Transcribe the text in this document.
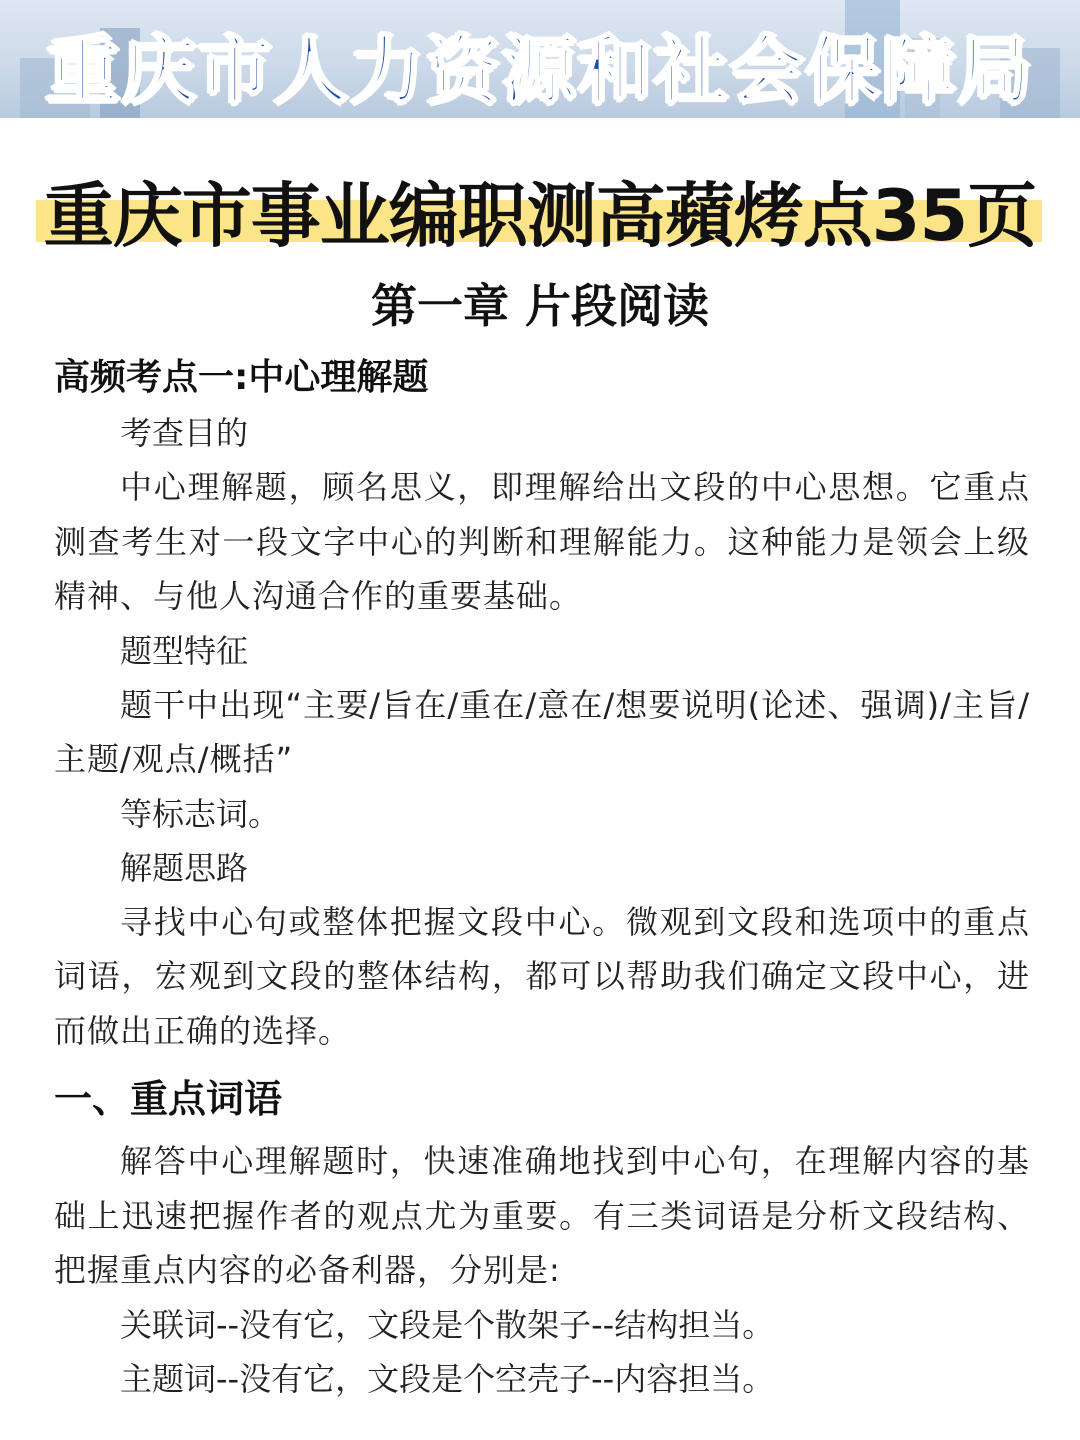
重庆市人力资源和社会保障局
重庆市事业编职测高蘋烤点35页
第一章 片段阅读
高频考点一:中心理解题
考查目的
中心理解题，顾名思义，即理解给出文段的中心思想。它重点测查考生对一段文字中心的判断和理解能力。这种能力是领会上级精神、与他人沟通合作的重要基础。
题型特征
题干中出现“主要/旨在/重在/意在/想要说明(论述、强调)/主旨/主题/观点/概括”
等标志词。
解题思路
寻找中心句或整体把握文段中心。微观到文段和选项中的重点词语，宏观到文段的整体结构，都可以帮助我们确定文段中心，进而做出正确的选择。
一、重点词语
解答中心理解题时，快速准确地找到中心句，在理解内容的基础上迅速把握作者的观点尤为重要。有三类词语是分析文段结构、把握重点内容的必备利器，分别是:
关联词--没有它，文段是个散架子--结构担当。
主题词--没有它，文段是个空壳子--内容担当。
